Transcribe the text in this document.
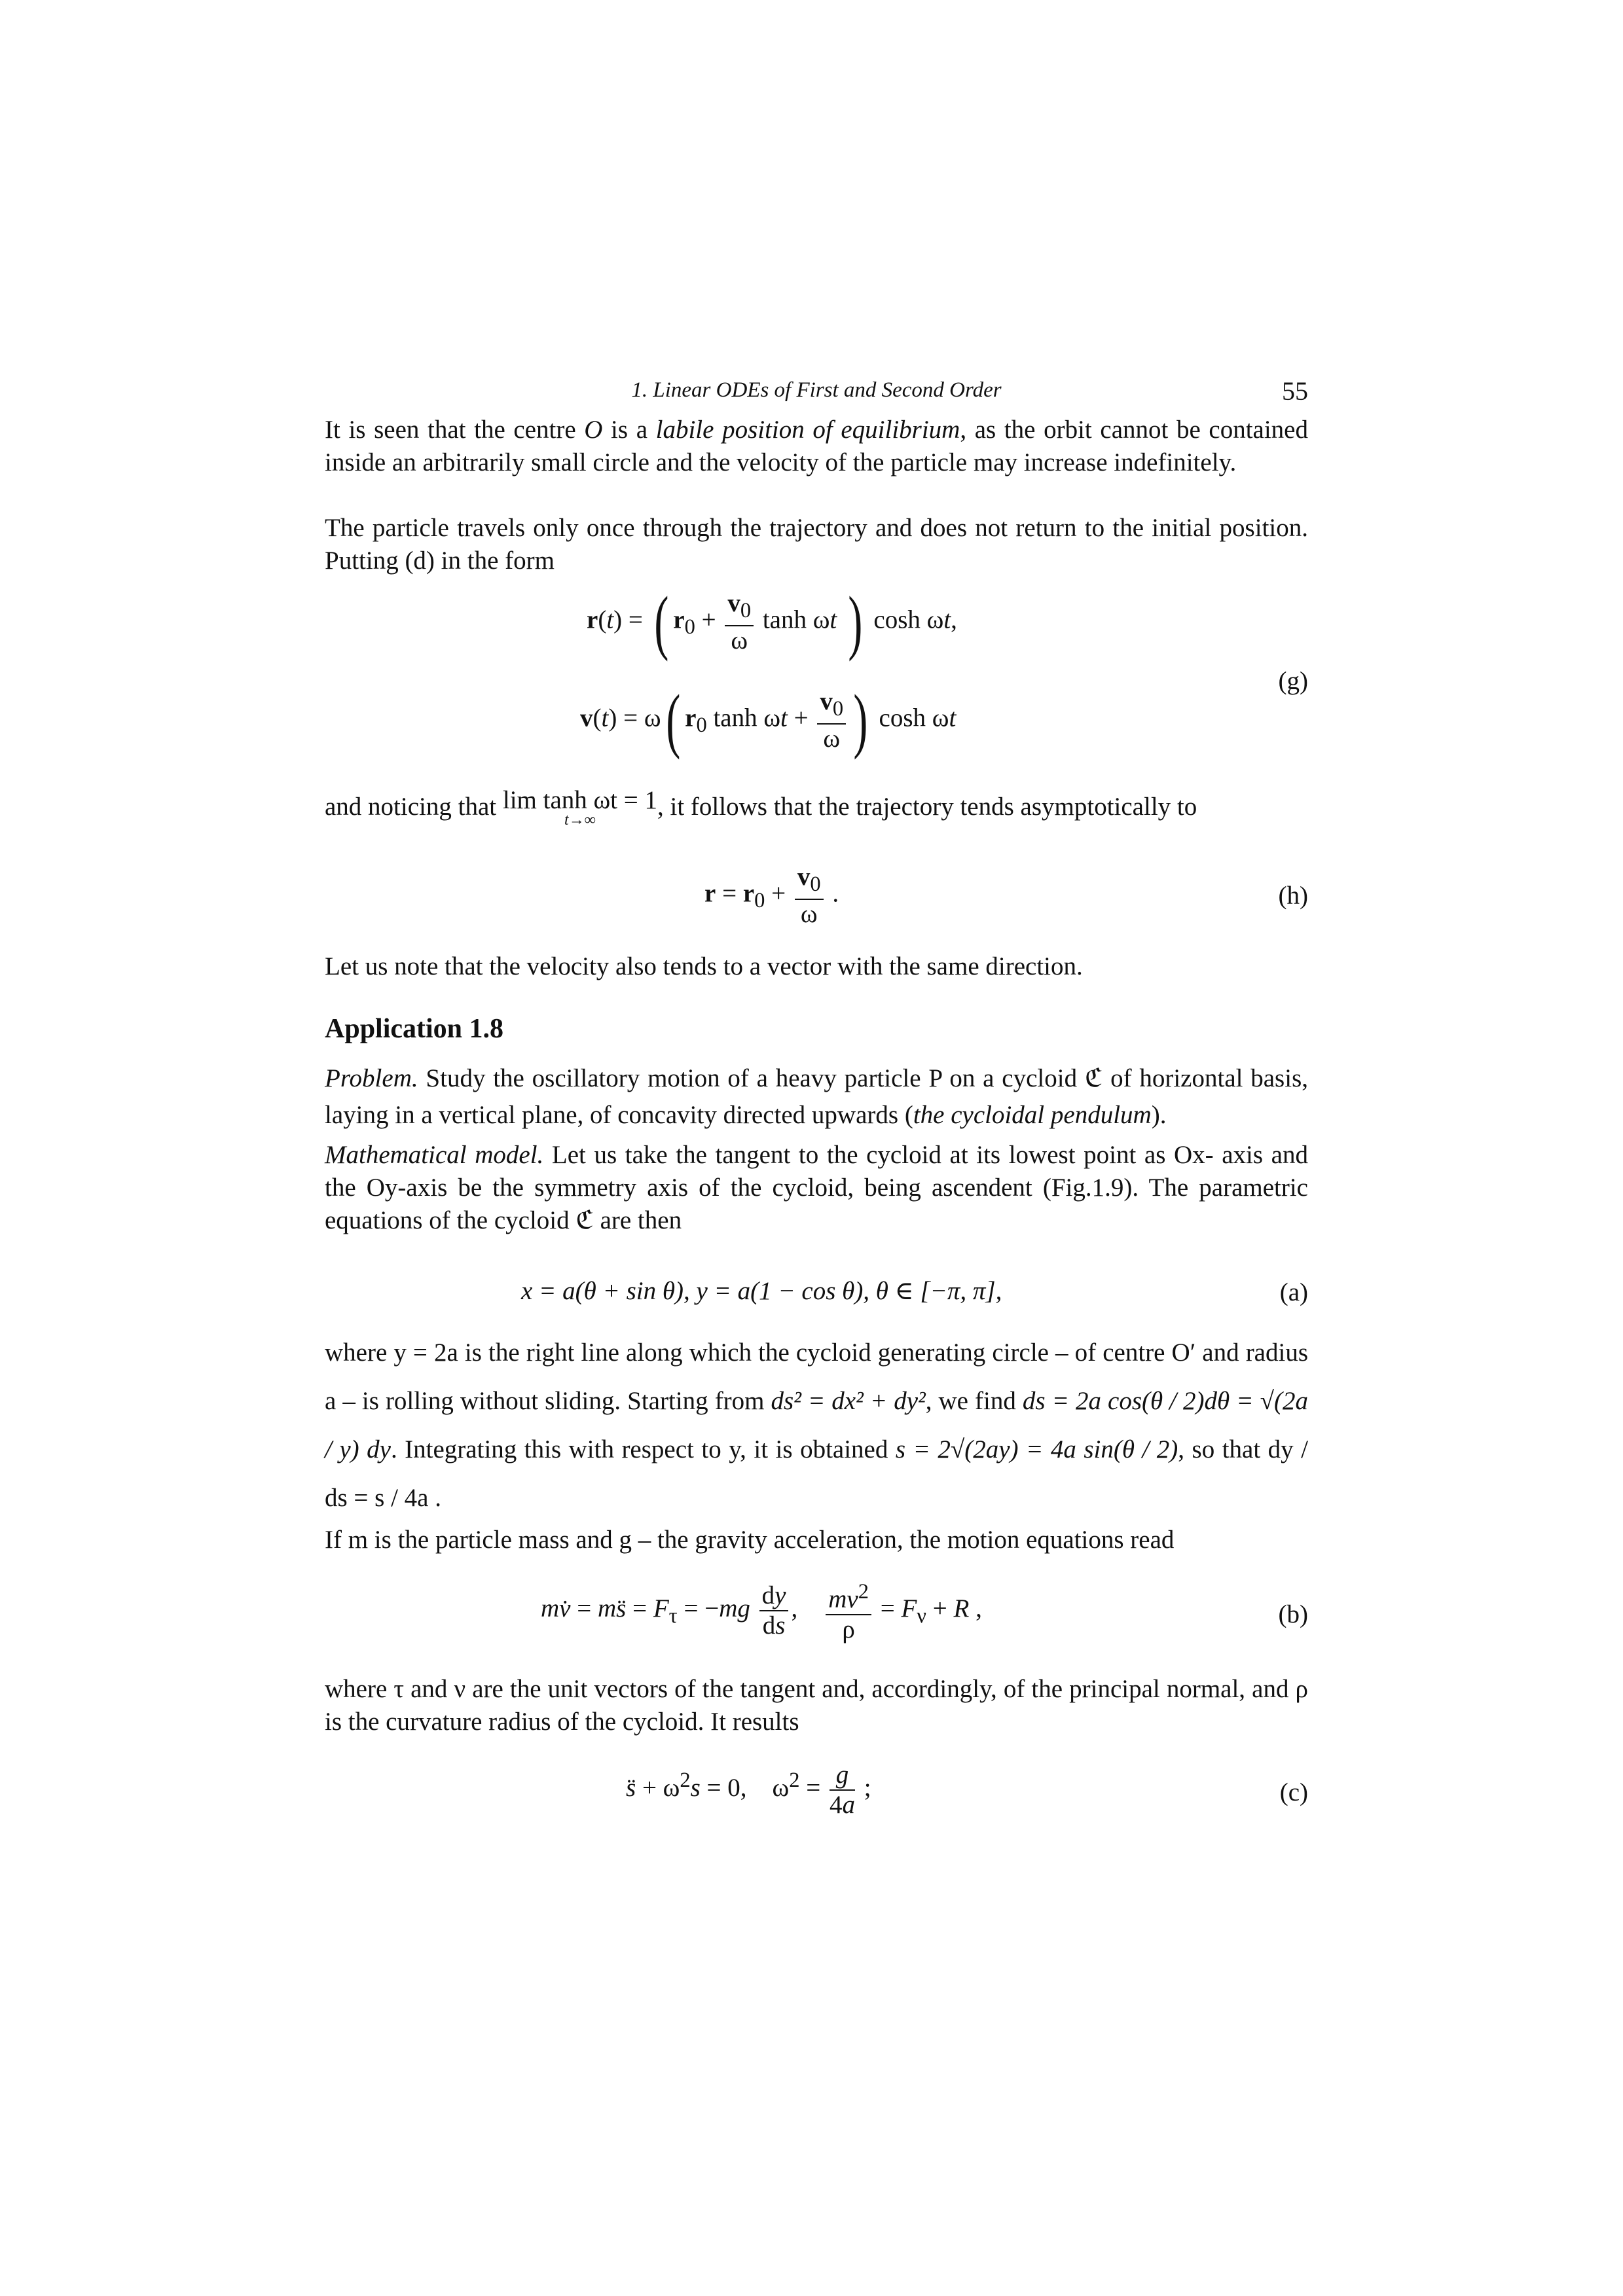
1. Linear ODEs of First and Second Order	55

It is seen that the centre O is a labile position of equilibrium, as the orbit cannot be contained inside an arbitrarily small circle and the velocity of the particle may increase indefinitely.

The particle travels only once through the trajectory and does not return to the initial position. Putting (d) in the form

r(t) = ( $r_0 + \frac{v_0}{\omega}$ tanh ωt ) cosh ωt,
v(t) = ω( $r_0$ $\tanh \omega t + \frac{v_0}{\omega}$ ) cosh ωt
(g)

and noticing that lim tanh ωt = 1
t→∞	, it follows that the trajectory tends asymptotically to

$r = r_0 + \frac{v_0}{\omega}$ .	(h)

Let us note that the velocity also tends to a vector with the same direction.

Application 1.8

Problem. Study the oscillatory motion of a heavy particle P on a cycloid ℭ of horizontal basis, laying in a vertical plane, of concavity directed upwards (the cycloidal pendulum).

Mathematical model. Let us take the tangent to the cycloid at its lowest point as Ox- axis and the Oy-axis be the symmetry axis of the cycloid, being ascendent (Fig.1.9). The parametric equations of the cycloid ℭ are then

x = a(θ + sin θ), y = a(1 − cos θ), θ ∈ [−π, π],	(a)

where y = 2a is the right line along which the cycloid generating circle – of centre O′ and radius a – is rolling without sliding. Starting from ds² = dx² + dy², we find ds = 2a cos(θ / 2)dθ = √(2a / y) dy. Integrating this with respect to y, it is obtained s = 2√(2ay) = 4a sin(θ / 2), so that dy / ds = s / 4a .

If m is the particle mass and g – the gravity acceleration, the motion equations read

mv̇ = ms̈ = $F_\tau = -mg \frac{dy}{ds}$ , $\frac{mv^2}{\rho} = F_\nu + R$ ,	(b)

where τ and ν are the unit vectors of the tangent and, accordingly, of the principal normal, and ρ is the curvature radius of the cycloid. It results

s̈ + $\omega^2s = 0$,    $\omega^2 = \frac{g}{4a}$ ;	(c)
